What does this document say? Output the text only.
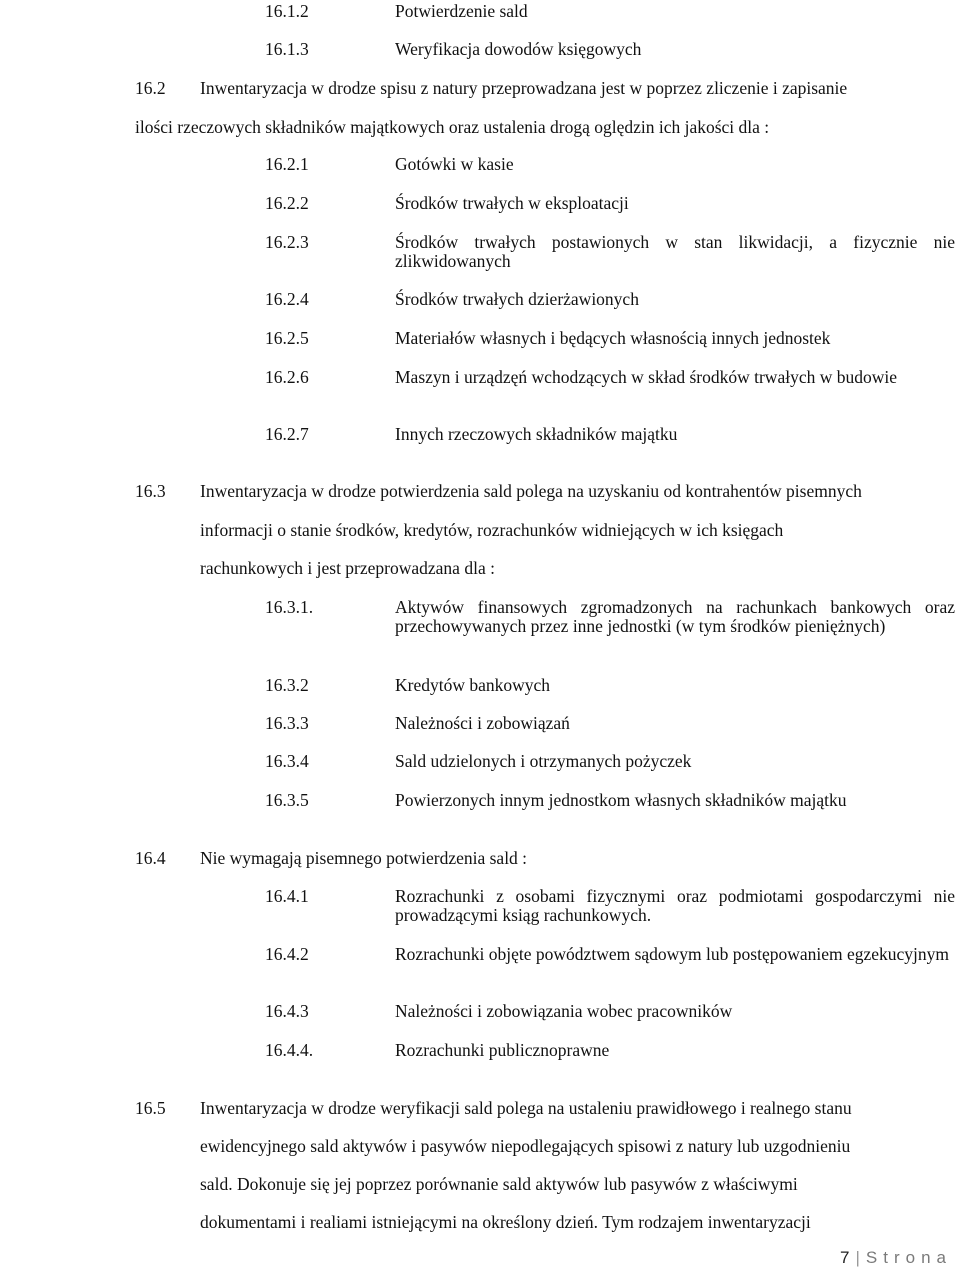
16.1.2	Potwierdzenie sald
16.1.3	Weryfikacja dowodów księgowych
16.2 Inwentaryzacja w drodze spisu z natury przeprowadzana jest w poprzez zliczenie i zapisanie
ilości rzeczowych składników majątkowych oraz ustalenia drogą oględzin ich jakości dla :
16.2.1	Gotówki w kasie
16.2.2	Środków trwałych w eksploatacji
16.2.3	Środków trwałych postawionych w stan likwidacji, a fizycznie nie zlikwidowanych
16.2.4	Środków trwałych dzierżawionych
16.2.5	Materiałów własnych i będących własnością innych jednostek
16.2.6	Maszyn i urządzęń wchodzących w skład środków trwałych w budowie
16.2.7	Innych rzeczowych składników majątku
16.3 Inwentaryzacja w drodze potwierdzenia sald polega na uzyskaniu od kontrahentów pisemnych
informacji o stanie środków, kredytów, rozrachunków widniejących w ich księgach
rachunkowych i jest przeprowadzana dla :
16.3.1.	Aktywów finansowych zgromadzonych na rachunkach bankowych oraz przechowywanych przez inne jednostki (w tym środków pieniężnych)
16.3.2	Kredytów bankowych
16.3.3	Należności i zobowiązań
16.3.4	Sald udzielonych i otrzymanych pożyczek
16.3.5	Powierzonych innym jednostkom własnych składników majątku
16.4 Nie wymagają pisemnego potwierdzenia sald :
16.4.1	Rozrachunki z osobami fizycznymi oraz podmiotami gospodarczymi nie prowadzącymi ksiąg rachunkowych.
16.4.2	Rozrachunki objęte powództwem sądowym lub postępowaniem egzekucyjnym
16.4.3	Należności i zobowiązania wobec pracowników
16.4.4.	Rozrachunki publicznoprawne
16.5 Inwentaryzacja w drodze weryfikacji sald polega na ustaleniu prawidłowego i realnego stanu
ewidencyjnego sald aktywów i pasywów niepodlegających spisowi z natury lub uzgodnieniu
sald. Dokonuje się jej poprzez porównanie sald aktywów lub pasywów z właściwymi
dokumentami i realiami istniejącymi na określony dzień. Tym rodzajem inwentaryzacji
7 | Strona
